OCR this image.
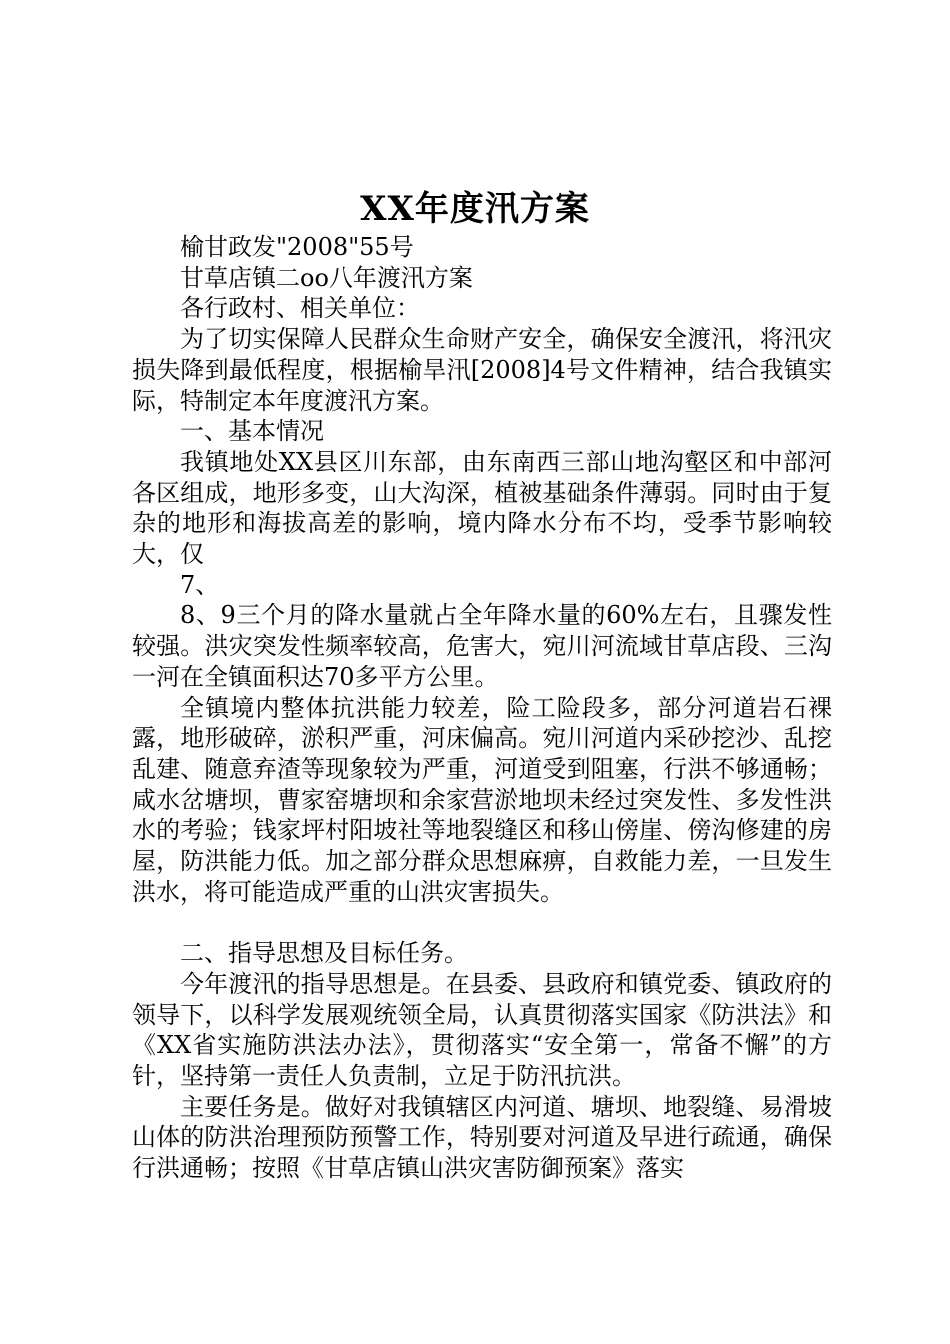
XX年度汛方案

榆甘政发"2008"55号

甘草店镇二oo八年渡汛方案

各行政村、相关单位：

为了切实保障人民群众生命财产安全，确保安全渡汛，将汛灾损失降到最低程度，根据榆旱汛[2008]4号文件精神，结合我镇实际，特制定本年度渡汛方案。

一、基本情况

我镇地处XX县区川东部，由东南西三部山地沟壑区和中部河各区组成，地形多变，山大沟深，植被基础条件薄弱。同时由于复杂的地形和海拔高差的影响，境内降水分布不均，受季节影响较大，仅

7、

8、9三个月的降水量就占全年降水量的60%左右，且骤发性较强。洪灾突发性频率较高，危害大，宛川河流域甘草店段、三沟一河在全镇面积达70多平方公里。

全镇境内整体抗洪能力较差，险工险段多，部分河道岩石裸露，地形破碎，淤积严重，河床偏高。宛川河道内采砂挖沙、乱挖乱建、随意弃渣等现象较为严重，河道受到阻塞，行洪不够通畅；咸水岔塘坝，曹家窑塘坝和余家营淤地坝未经过突发性、多发性洪水的考验；钱家坪村阳坡社等地裂缝区和移山傍崖、傍沟修建的房屋，防洪能力低。加之部分群众思想麻痹，自救能力差，一旦发生洪水，将可能造成严重的山洪灾害损失。

二、指导思想及目标任务。

今年渡汛的指导思想是。在县委、县政府和镇党委、镇政府的领导下，以科学发展观统领全局，认真贯彻落实国家《防洪法》和《XX省实施防洪法办法》，贯彻落实“安全第一，常备不懈”的方针，坚持第一责任人负责制，立足于防汛抗洪。

主要任务是。做好对我镇辖区内河道、塘坝、地裂缝、易滑坡山体的防洪治理预防预警工作，特别要对河道及早进行疏通，确保行洪通畅；按照《甘草店镇山洪灾害防御预案》落实
